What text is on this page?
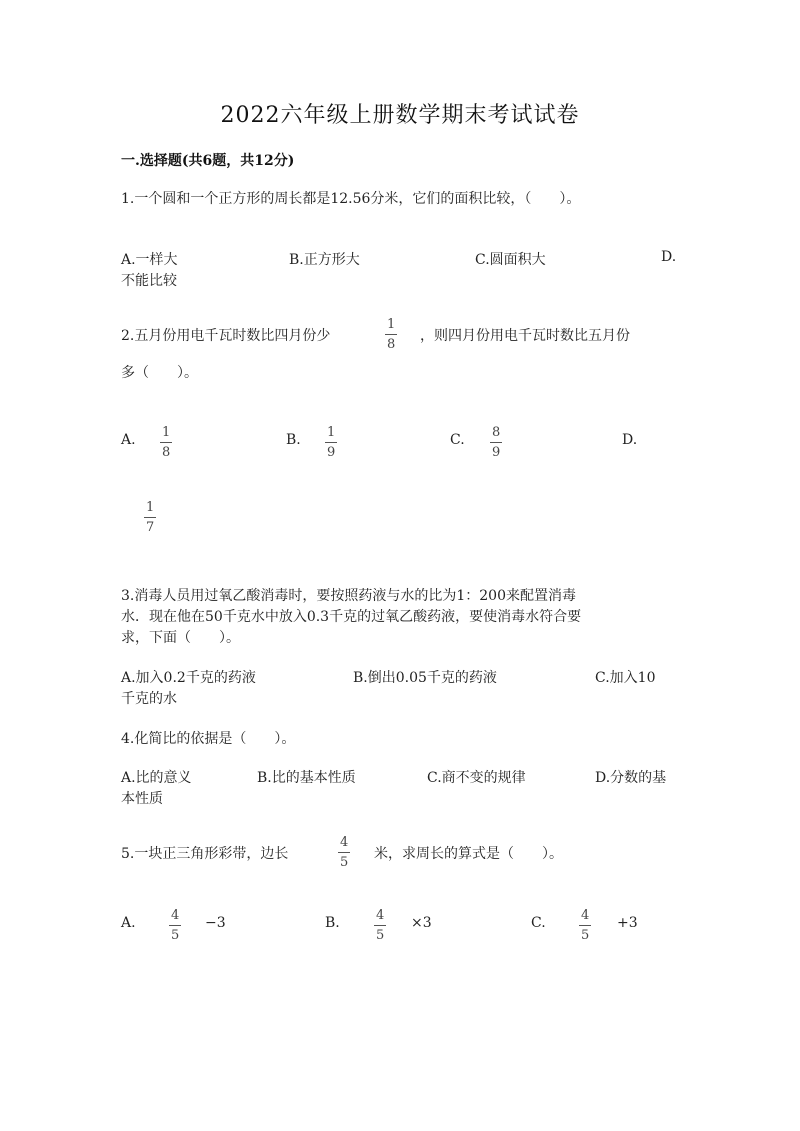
2022六年级上册数学期末考试试卷
一.选择题(共6题，共12分)
1.一个圆和一个正方形的周长都是12.56分米，它们的面积比较，（　　）。
A.一样大	B.正方形大	C.圆面积大	D.
不能比较
2.五月份用电千瓦时数比四月份少
1
8
，则四月份用电千瓦时数比五月份
多（　　）。
A. 1
8
B. 1
9
C. 8
9
D.
1
7
3.消毒人员用过氧乙酸消毒时，要按照药液与水的比为1：200来配置消毒
水．现在他在50千克水中放入0.3千克的过氧乙酸药液，要使消毒水符合要
求，下面（　　）。
A.加入0.2千克的药液	B.倒出0.05千克的药液	C.加入10
千克的水
4.化简比的依据是（　　）。
A.比的意义	B.比的基本性质	C.商不变的规律	D.分数的基
本性质
5.一块正三角形彩带，边长
4
5
米，求周长的算式是（　　）。
A.	4
5
−3	B.	4
5
×3	C.	4
5
+3
